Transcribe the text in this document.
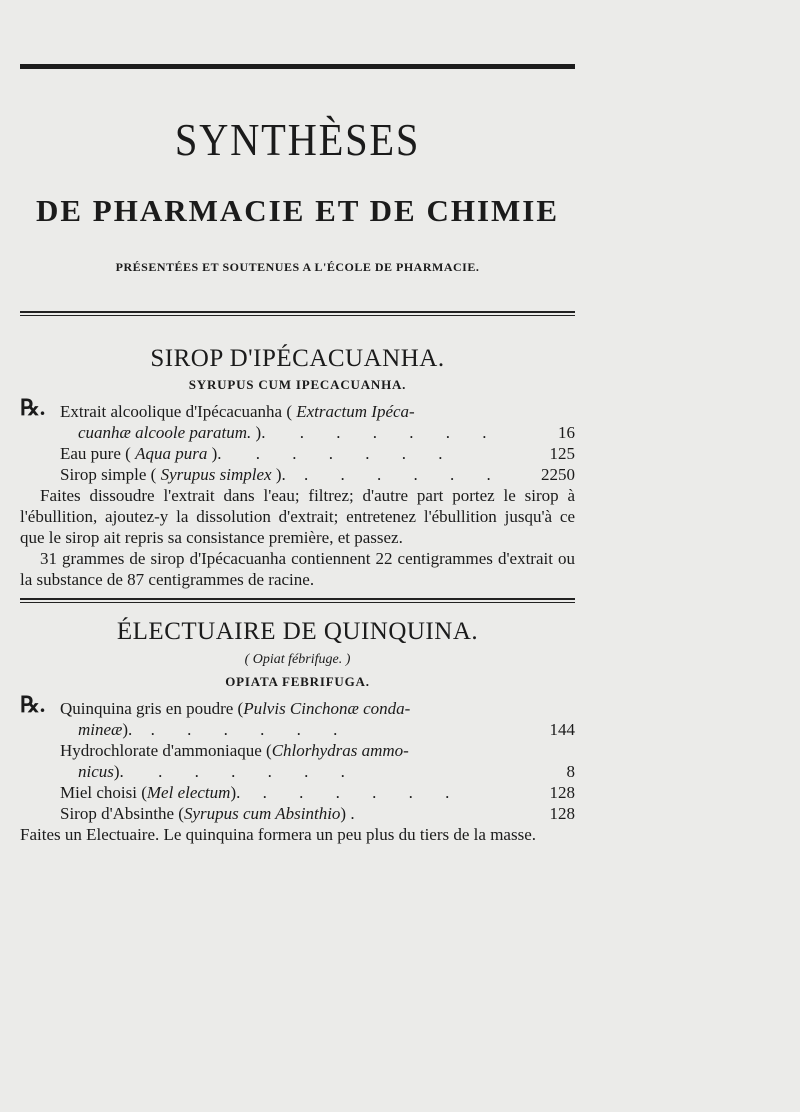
SYNTHÈSES
DE PHARMACIE ET DE CHIMIE
PRÉSENTÉES ET SOUTENUES A L'ÉCOLE DE PHARMACIE.
SIROP D'IPÉCACUANHA.
SYRUPUS CUM IPECACUANHA.
℞. Extrait alcoolique d'Ipécacuanha ( Extractum Ipéca-
cuanhæ alcoole paratum. ). . . . . . .	16
Eau pure ( Aqua pura ). . . . . . .	125
Sirop simple ( Syrupus simplex ). . . . . . . 2250
Faites dissoudre l'extrait dans l'eau; filtrez; d'autre part portez le sirop à l'ébullition, ajoutez-y la dissolution d'extrait; entretenez l'ébullition jusqu'à ce que le sirop ait repris sa consistance première, et passez.
31 grammes de sirop d'Ipécacuanha contiennent 22 centigrammes d'extrait ou la substance de 87 centigrammes de racine.
ÉLECTUAIRE DE QUINQUINA.
( Opiat fébrifuge. )
OPIATA FEBRIFUGA.
℞. Quinquina gris en poudre (Pulvis Cinchonæ conda-
mineæ). . . . . . .	144
Hydrochlorate d'ammoniaque (Chlorhydras ammo-
nicus). . . . . . .	8
Miel choisi (Mel electum). . . . . . .	128
Sirop d'Absinthe (Syrupus cum Absinthio) .	128
Faites un Electuaire. Le quinquina formera un peu plus du tiers de la masse.
